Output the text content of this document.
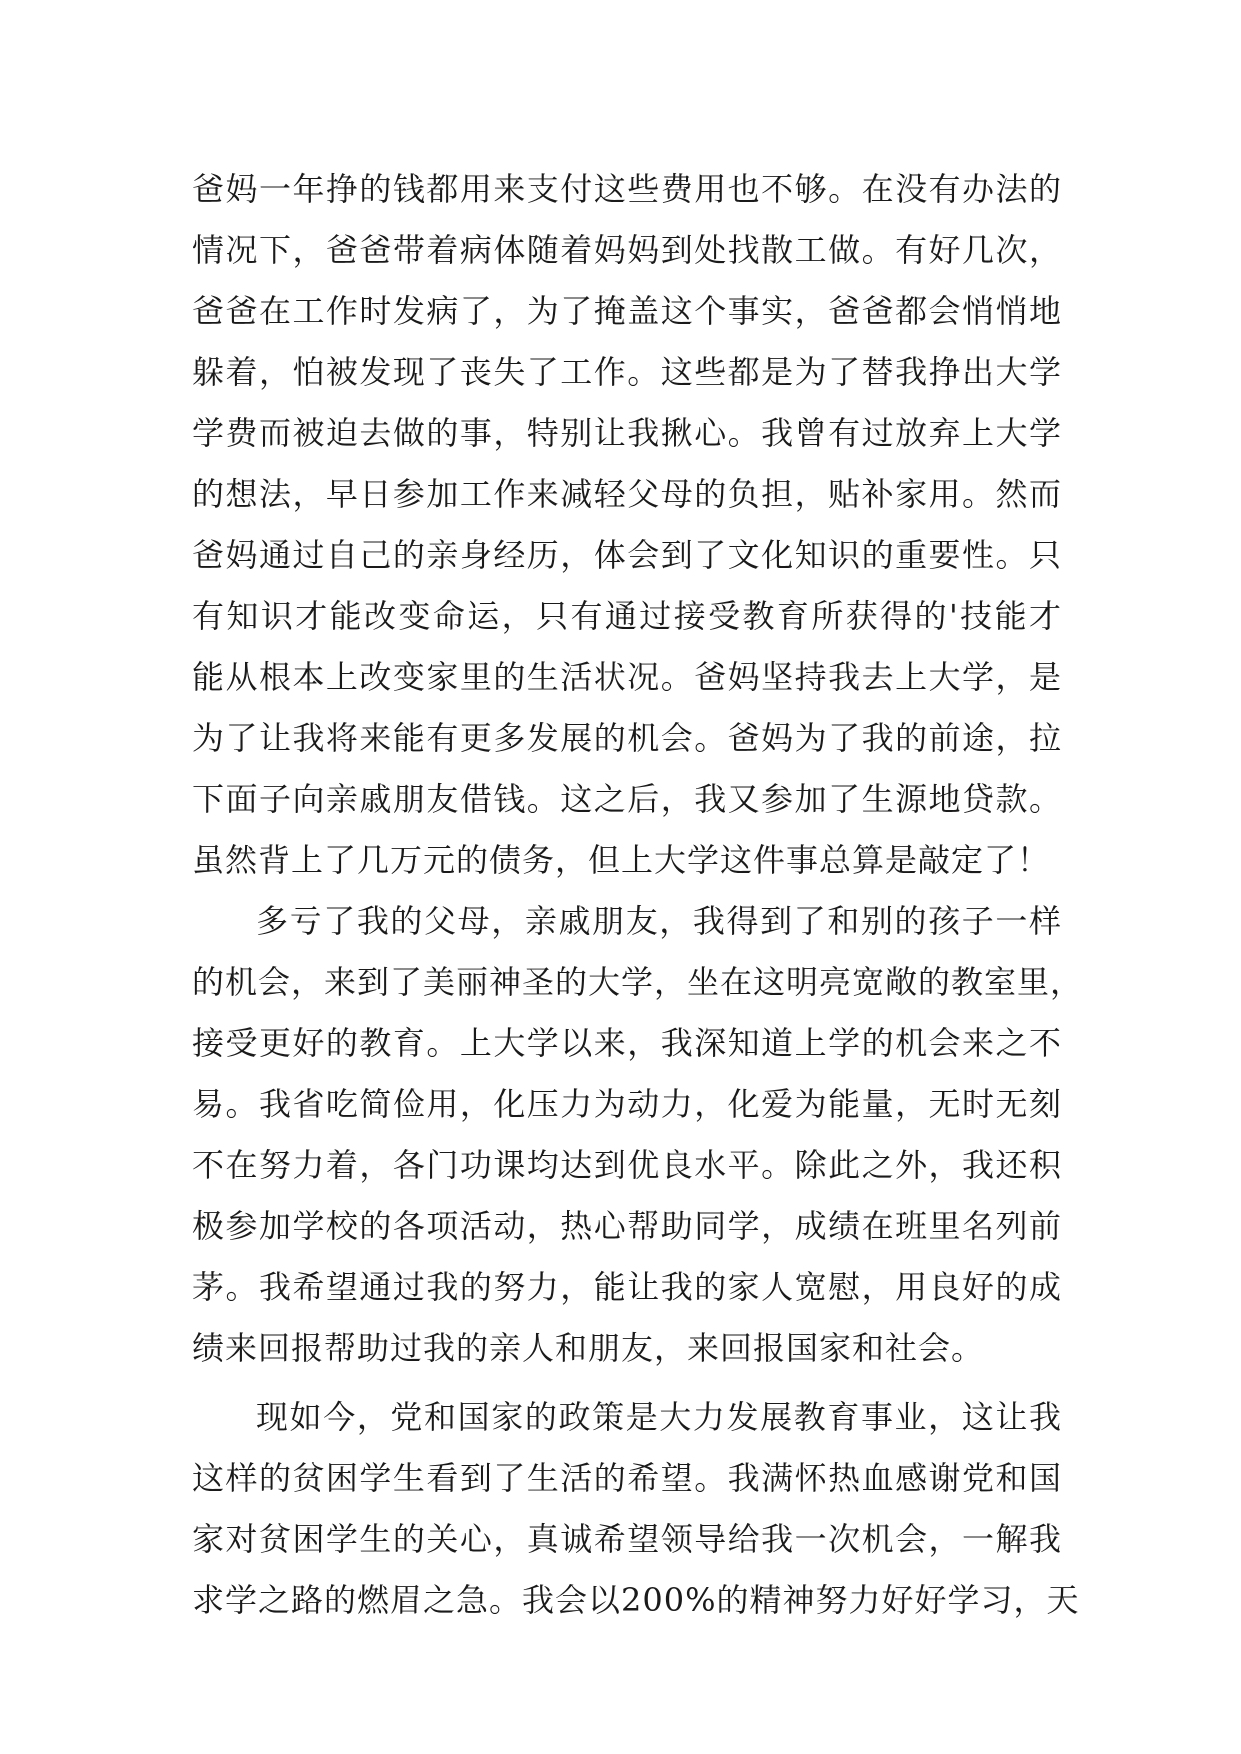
爸妈一年挣的钱都用来支付这些费用也不够。在没有办法的
情况下，爸爸带着病体随着妈妈到处找散工做。有好几次，
爸爸在工作时发病了，为了掩盖这个事实，爸爸都会悄悄地
躲着，怕被发现了丧失了工作。这些都是为了替我挣出大学
学费而被迫去做的事，特别让我揪心。我曾有过放弃上大学
的想法，早日参加工作来减轻父母的负担，贴补家用。然而
爸妈通过自己的亲身经历，体会到了文化知识的重要性。只
有知识才能改变命运，只有通过接受教育所获得的'技能才
能从根本上改变家里的生活状况。爸妈坚持我去上大学，是
为了让我将来能有更多发展的机会。爸妈为了我的前途，拉
下面子向亲戚朋友借钱。这之后，我又参加了生源地贷款。
虽然背上了几万元的债务，但上大学这件事总算是敲定了！
多亏了我的父母，亲戚朋友，我得到了和别的孩子一样
的机会，来到了美丽神圣的大学，坐在这明亮宽敞的教室里，
接受更好的教育。上大学以来，我深知道上学的机会来之不
易。我省吃简俭用，化压力为动力，化爱为能量，无时无刻
不在努力着，各门功课均达到优良水平。除此之外，我还积
极参加学校的各项活动，热心帮助同学，成绩在班里名列前
茅。我希望通过我的努力，能让我的家人宽慰，用良好的成
绩来回报帮助过我的亲人和朋友，来回报国家和社会。
现如今，党和国家的政策是大力发展教育事业，这让我
这样的贫困学生看到了生活的希望。我满怀热血感谢党和国
家对贫困学生的关心，真诚希望领导给我一次机会，一解我
求学之路的燃眉之急。我会以200%的精神努力好好学习，天
